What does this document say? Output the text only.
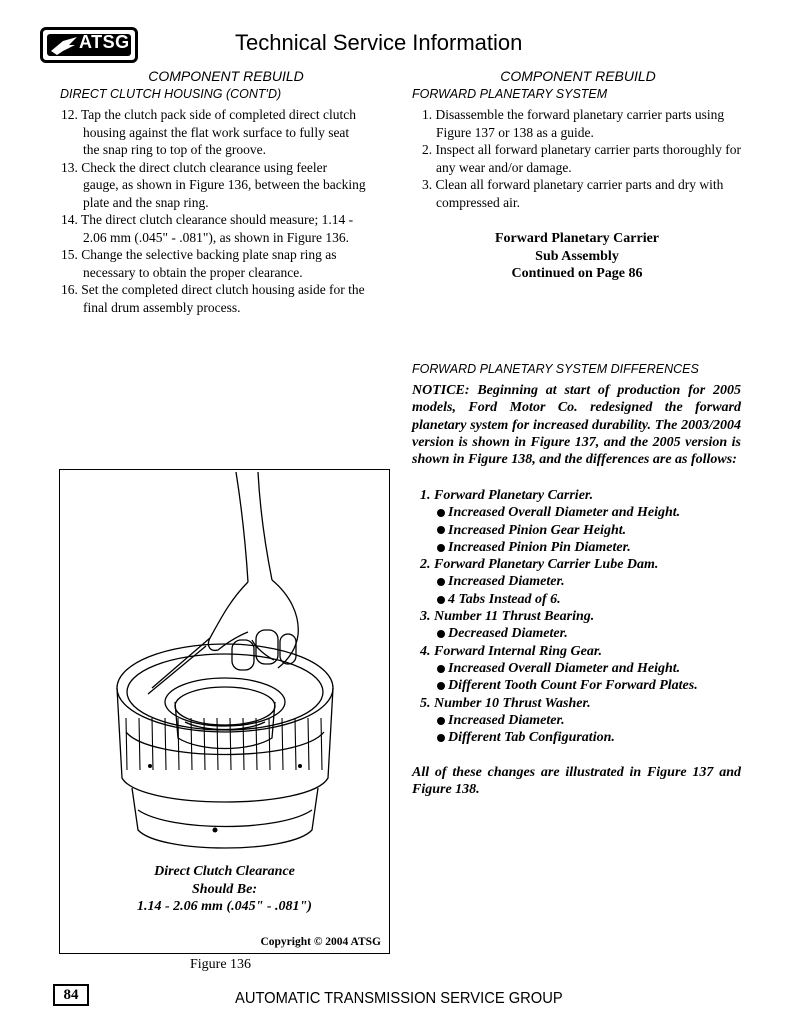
ATSG	Technical Service Information
COMPONENT REBUILD
DIRECT CLUTCH HOUSING (CONT'D)
12. Tap the clutch pack side of completed direct clutch housing against the flat work surface to fully seat the snap ring to top of the groove.
13. Check the direct clutch clearance using feeler gauge, as shown in Figure 136, between the backing plate and the snap ring.
14. The direct clutch clearance should measure; 1.14 - 2.06 mm (.045" - .081"), as shown in Figure 136.
15. Change the selective backing plate snap ring as necessary to obtain the proper clearance.
16. Set the completed direct clutch housing aside for the final drum assembly process.
COMPONENT REBUILD
FORWARD PLANETARY SYSTEM
1. Disassemble the forward planetary carrier parts using Figure 137 or 138 as a guide.
2. Inspect all forward planetary carrier parts thoroughly for any wear and/or damage.
3. Clean all forward planetary carrier parts and dry with compressed air.
Forward Planetary Carrier
Sub Assembly
Continued on Page 86
FORWARD PLANETARY SYSTEM DIFFERENCES
NOTICE: Beginning at start of production for 2005 models, Ford Motor Co. redesigned the forward planetary system for increased durability. The 2003/2004 version is shown in Figure 137, and the 2005 version is shown in Figure 138, and the differences are as follows:
1. Forward Planetary Carrier.
Increased Overall Diameter and Height.
Increased Pinion Gear Height.
Increased Pinion Pin Diameter.
2. Forward Planetary Carrier Lube Dam.
Increased Diameter.
4 Tabs Instead of 6.
3. Number 11 Thrust Bearing.
Decreased Diameter.
4. Forward Internal Ring Gear.
Increased Overall Diameter and Height.
Different Tooth Count For Forward Plates.
5. Number 10 Thrust Washer.
Increased Diameter.
Different Tab Configuration.
All of these changes are illustrated in Figure 137 and Figure 138.
Direct Clutch Clearance
Should Be:
1.14 - 2.06 mm (.045" - .081")
Copyright © 2004 ATSG
Figure 136
84	AUTOMATIC TRANSMISSION SERVICE GROUP
